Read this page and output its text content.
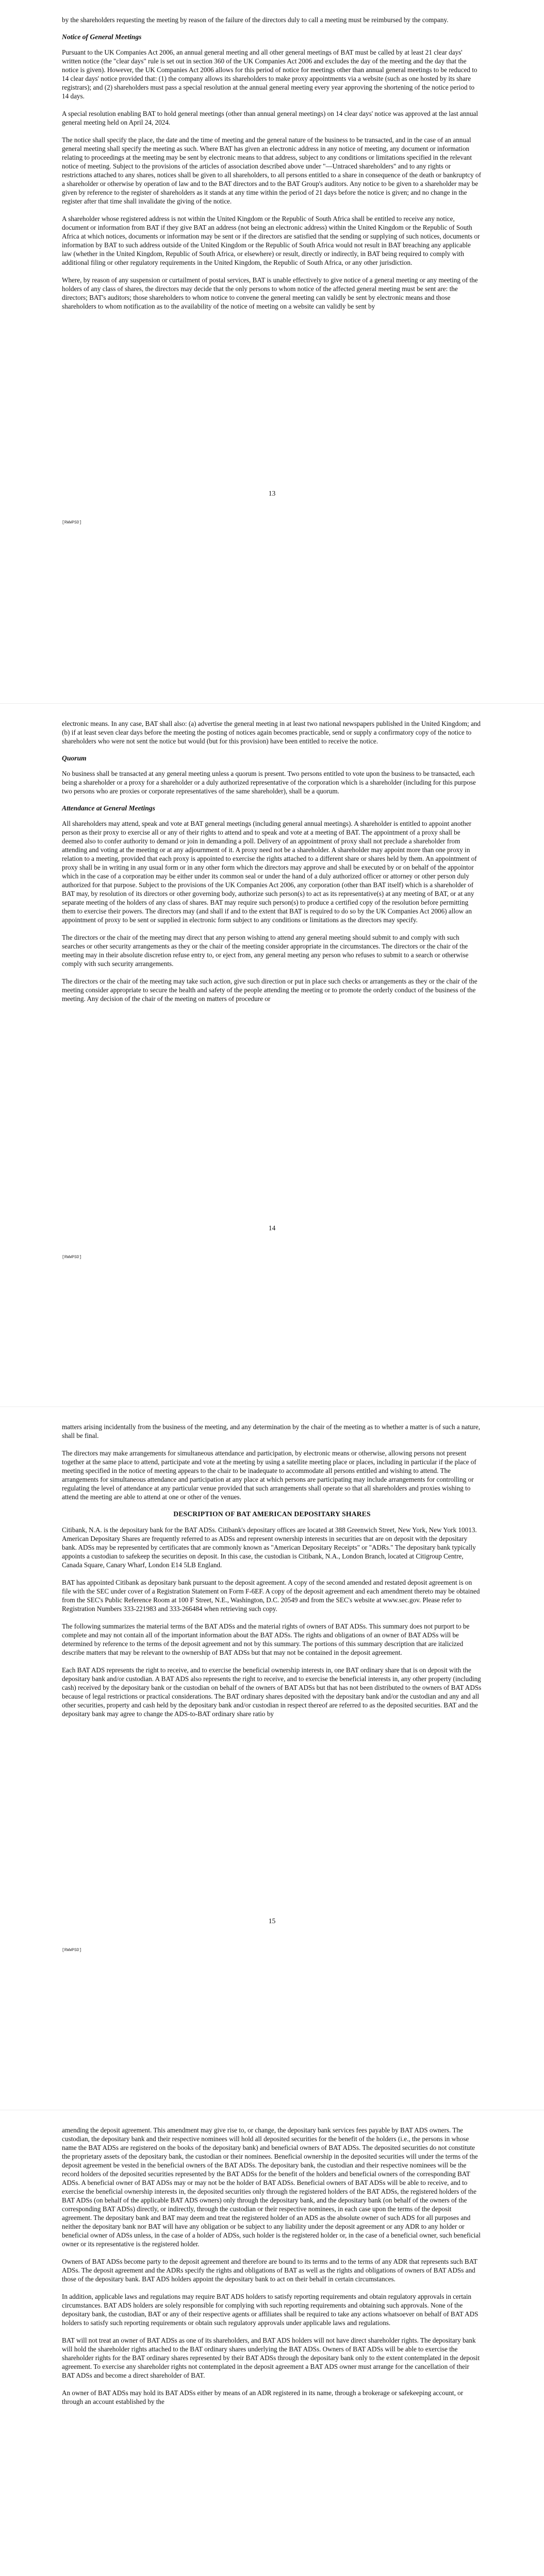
by the shareholders requesting the meeting by reason of the failure of the directors duly to call a meeting must be reimbursed by the company.

Notice of General Meetings

Pursuant to the UK Companies Act 2006, an annual general meeting and all other general meetings of BAT must be called by at least 21 clear days' written notice (the "clear days" rule is set out in section 360 of the UK Companies Act 2006 and excludes the day of the meeting and the day that the notice is given). However, the UK Companies Act 2006 allows for this period of notice for meetings other than annual general meetings to be reduced to 14 clear days' notice provided that: (1) the company allows its shareholders to make proxy appointments via a website (such as one hosted by its share registrars); and (2) shareholders must pass a special resolution at the annual general meeting every year approving the shortening of the notice period to 14 days.

A special resolution enabling BAT to hold general meetings (other than annual general meetings) on 14 clear days' notice was approved at the last annual general meeting held on April 24, 2024.

The notice shall specify the place, the date and the time of meeting and the general nature of the business to be transacted, and in the case of an annual general meeting shall specify the meeting as such. Where BAT has given an electronic address in any notice of meeting, any document or information relating to proceedings at the meeting may be sent by electronic means to that address, subject to any conditions or limitations specified in the relevant notice of meeting. Subject to the provisions of the articles of association described above under "—Untraced shareholders" and to any rights or restrictions attached to any shares, notices shall be given to all shareholders, to all persons entitled to a share in consequence of the death or bankruptcy of a shareholder or otherwise by operation of law and to the BAT directors and to the BAT Group's auditors. Any notice to be given to a shareholder may be given by reference to the register of shareholders as it stands at any time within the period of 21 days before the notice is given; and no change in the register after that time shall invalidate the giving of the notice.

A shareholder whose registered address is not within the United Kingdom or the Republic of South Africa shall be entitled to receive any notice, document or information from BAT if they give BAT an address (not being an electronic address) within the United Kingdom or the Republic of South Africa at which notices, documents or information may be sent or if the directors are satisfied that the sending or supplying of such notices, documents or information by BAT to such address outside of the United Kingdom or the Republic of South Africa would not result in BAT breaching any applicable law (whether in the United Kingdom, Republic of South Africa, or elsewhere) or result, directly or indirectly, in BAT being required to comply with additional filing or other regulatory requirements in the United Kingdom, the Republic of South Africa, or any other jurisdiction.

Where, by reason of any suspension or curtailment of postal services, BAT is unable effectively to give notice of a general meeting or any meeting of the holders of any class of shares, the directors may decide that the only persons to whom notice of the affected general meeting must be sent are: the directors; BAT's auditors; those shareholders to whom notice to convene the general meeting can validly be sent by electronic means and those shareholders to whom notification as to the availability of the notice of meeting on a website can validly be sent by

13
[RWWPSD]

electronic means. In any case, BAT shall also: (a) advertise the general meeting in at least two national newspapers published in the United Kingdom; and (b) if at least seven clear days before the meeting the posting of notices again becomes practicable, send or supply a confirmatory copy of the notice to shareholders who were not sent the notice but would (but for this provision) have been entitled to receive the notice.

Quorum

No business shall be transacted at any general meeting unless a quorum is present. Two persons entitled to vote upon the business to be transacted, each being a shareholder or a proxy for a shareholder or a duly authorized representative of the corporation which is a shareholder (including for this purpose two persons who are proxies or corporate representatives of the same shareholder), shall be a quorum.

Attendance at General Meetings

All shareholders may attend, speak and vote at BAT general meetings (including general annual meetings). A shareholder is entitled to appoint another person as their proxy to exercise all or any of their rights to attend and to speak and vote at a meeting of BAT. The appointment of a proxy shall be deemed also to confer authority to demand or join in demanding a poll. Delivery of an appointment of proxy shall not preclude a shareholder from attending and voting at the meeting or at any adjournment of it. A proxy need not be a shareholder. A shareholder may appoint more than one proxy in relation to a meeting, provided that each proxy is appointed to exercise the rights attached to a different share or shares held by them. An appointment of proxy shall be in writing in any usual form or in any other form which the directors may approve and shall be executed by or on behalf of the appointor which in the case of a corporation may be either under its common seal or under the hand of a duly authorized officer or attorney or other person duly authorized for that purpose. Subject to the provisions of the UK Companies Act 2006, any corporation (other than BAT itself) which is a shareholder of BAT may, by resolution of its directors or other governing body, authorize such person(s) to act as its representative(s) at any meeting of BAT, or at any separate meeting of the holders of any class of shares. BAT may require such person(s) to produce a certified copy of the resolution before permitting them to exercise their powers. The directors may (and shall if and to the extent that BAT is required to do so by the UK Companies Act 2006) allow an appointment of proxy to be sent or supplied in electronic form subject to any conditions or limitations as the directors may specify.

The directors or the chair of the meeting may direct that any person wishing to attend any general meeting should submit to and comply with such searches or other security arrangements as they or the chair of the meeting consider appropriate in the circumstances. The directors or the chair of the meeting may in their absolute discretion refuse entry to, or eject from, any general meeting any person who refuses to submit to a search or otherwise comply with such security arrangements.

The directors or the chair of the meeting may take such action, give such direction or put in place such checks or arrangements as they or the chair of the meeting consider appropriate to secure the health and safety of the people attending the meeting or to promote the orderly conduct of the business of the meeting. Any decision of the chair of the meeting on matters of procedure or

14
[RWWPSD]

matters arising incidentally from the business of the meeting, and any determination by the chair of the meeting as to whether a matter is of such a nature, shall be final.

The directors may make arrangements for simultaneous attendance and participation, by electronic means or otherwise, allowing persons not present together at the same place to attend, participate and vote at the meeting by using a satellite meeting place or places, including in particular if the place of meeting specified in the notice of meeting appears to the chair to be inadequate to accommodate all persons entitled and wishing to attend. The arrangements for simultaneous attendance and participation at any place at which persons are participating may include arrangements for controlling or regulating the level of attendance at any particular venue provided that such arrangements shall operate so that all shareholders and proxies wishing to attend the meeting are able to attend at one or other of the venues.

DESCRIPTION OF BAT AMERICAN DEPOSITARY SHARES

Citibank, N.A. is the depositary bank for the BAT ADSs. Citibank's depositary offices are located at 388 Greenwich Street, New York, New York 10013. American Depositary Shares are frequently referred to as ADSs and represent ownership interests in securities that are on deposit with the depositary bank. ADSs may be represented by certificates that are commonly known as "American Depositary Receipts" or "ADRs." The depositary bank typically appoints a custodian to safekeep the securities on deposit. In this case, the custodian is Citibank, N.A., London Branch, located at Citigroup Centre, Canada Square, Canary Wharf, London E14 5LB England.

BAT has appointed Citibank as depositary bank pursuant to the deposit agreement. A copy of the second amended and restated deposit agreement is on file with the SEC under cover of a Registration Statement on Form F-6EF. A copy of the deposit agreement and each amendment thereto may be obtained from the SEC's Public Reference Room at 100 F Street, N.E., Washington, D.C. 20549 and from the SEC's website at www.sec.gov. Please refer to Registration Numbers 333-221983 and 333-266484 when retrieving such copy.

The following summarizes the material terms of the BAT ADSs and the material rights of owners of BAT ADSs. This summary does not purport to be complete and may not contain all of the important information about the BAT ADSs. The rights and obligations of an owner of BAT ADSs will be determined by reference to the terms of the deposit agreement and not by this summary. The portions of this summary description that are italicized describe matters that may be relevant to the ownership of BAT ADSs but that may not be contained in the deposit agreement.

Each BAT ADS represents the right to receive, and to exercise the beneficial ownership interests in, one BAT ordinary share that is on deposit with the depositary bank and/or custodian. A BAT ADS also represents the right to receive, and to exercise the beneficial interests in, any other property (including cash) received by the depositary bank or the custodian on behalf of the owners of BAT ADSs but that has not been distributed to the owners of BAT ADSs because of legal restrictions or practical considerations. The BAT ordinary shares deposited with the depositary bank and/or the custodian and any and all other securities, property and cash held by the depositary bank and/or custodian in respect thereof are referred to as the deposited securities. BAT and the depositary bank may agree to change the ADS-to-BAT ordinary share ratio by

15
[RWWPSD]

amending the deposit agreement. This amendment may give rise to, or change, the depositary bank services fees payable by BAT ADS owners. The custodian, the depositary bank and their respective nominees will hold all deposited securities for the benefit of the holders (i.e., the persons in whose name the BAT ADSs are registered on the books of the depositary bank) and beneficial owners of BAT ADSs. The deposited securities do not constitute the proprietary assets of the depositary bank, the custodian or their nominees. Beneficial ownership in the deposited securities will under the terms of the deposit agreement be vested in the beneficial owners of the BAT ADSs. The depositary bank, the custodian and their respective nominees will be the record holders of the deposited securities represented by the BAT ADSs for the benefit of the holders and beneficial owners of the corresponding BAT ADSs. A beneficial owner of BAT ADSs may or may not be the holder of BAT ADSs. Beneficial owners of BAT ADSs will be able to receive, and to exercise the beneficial ownership interests in, the deposited securities only through the registered holders of the BAT ADSs, the registered holders of the BAT ADSs (on behalf of the applicable BAT ADS owners) only through the depositary bank, and the depositary bank (on behalf of the owners of the corresponding BAT ADSs) directly, or indirectly, through the custodian or their respective nominees, in each case upon the terms of the deposit agreement. The depositary bank and BAT may deem and treat the registered holder of an ADS as the absolute owner of such ADS for all purposes and neither the depositary bank nor BAT will have any obligation or be subject to any liability under the deposit agreement or any ADR to any holder or beneficial owner of ADSs unless, in the case of a holder of ADSs, such holder is the registered holder or, in the case of a beneficial owner, such beneficial owner or its representative is the registered holder.

Owners of BAT ADSs become party to the deposit agreement and therefore are bound to its terms and to the terms of any ADR that represents such BAT ADSs. The deposit agreement and the ADRs specify the rights and obligations of BAT as well as the rights and obligations of owners of BAT ADSs and those of the depositary bank. BAT ADS holders appoint the depositary bank to act on their behalf in certain circumstances.

In addition, applicable laws and regulations may require BAT ADS holders to satisfy reporting requirements and obtain regulatory approvals in certain circumstances. BAT ADS holders are solely responsible for complying with such reporting requirements and obtaining such approvals. None of the depositary bank, the custodian, BAT or any of their respective agents or affiliates shall be required to take any actions whatsoever on behalf of BAT ADS holders to satisfy such reporting requirements or obtain such regulatory approvals under applicable laws and regulations.

BAT will not treat an owner of BAT ADSs as one of its shareholders, and BAT ADS holders will not have direct shareholder rights. The depositary bank will hold the shareholder rights attached to the BAT ordinary shares underlying the BAT ADSs. Owners of BAT ADSs will be able to exercise the shareholder rights for the BAT ordinary shares represented by their BAT ADSs through the depositary bank only to the extent contemplated in the deposit agreement. To exercise any shareholder rights not contemplated in the deposit agreement a BAT ADS owner must arrange for the cancellation of their BAT ADSs and become a direct shareholder of BAT.

An owner of BAT ADSs may hold its BAT ADSs either by means of an ADR registered in its name, through a brokerage or safekeeping account, or through an account established by the
